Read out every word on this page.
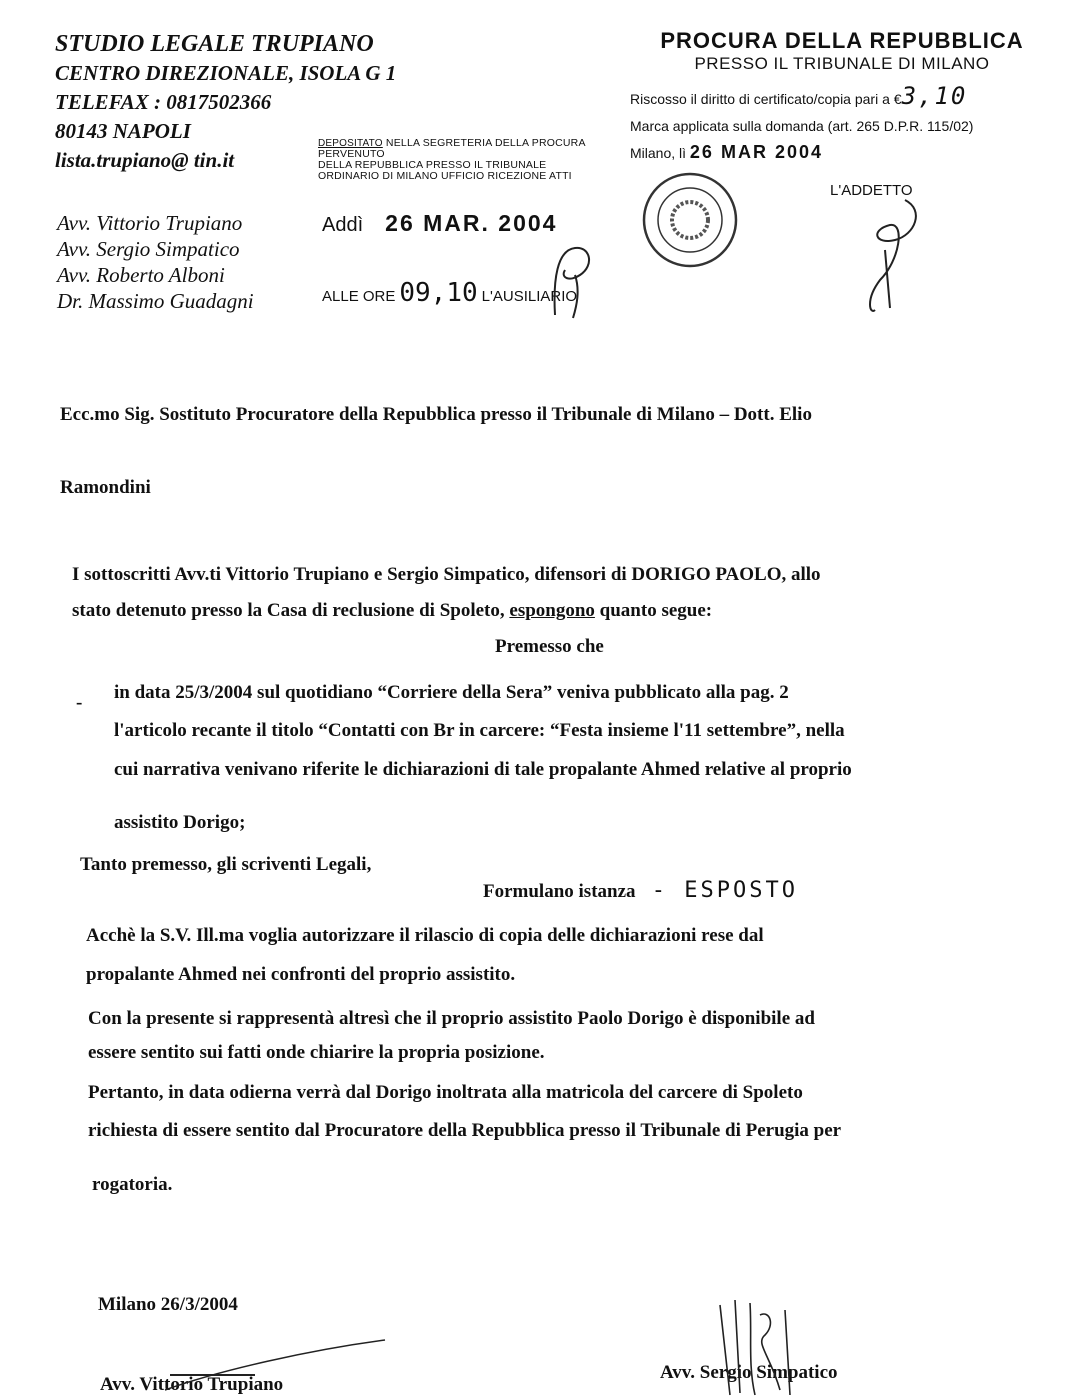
STUDIO LEGALE TRUPIANO
CENTRO DIREZIONALE, ISOLA G 1
TELEFAX : 0817502366
80143 NAPOLI
lista.trupiano@ tin.it
Avv. Vittorio Trupiano
Avv. Sergio Simpatico
Avv. Roberto Alboni
Dr. Massimo Guadagni
DEPOSITATO NELLA SEGRETERIA DELLA PROCURA
PERVENUTO
DELLA REPUBBLICA PRESSO IL TRIBUNALE
ORDINARIO DI MILANO UFFICIO RICEZIONE ATTI
Addì 26 MAR. 2004
ALLE ORE 09,10 L'AUSILIARIO
PROCURA DELLA REPUBBLICA
PRESSO IL TRIBUNALE DI MILANO
Riscosso il diritto di certificato/copia pari a €3,10
Marca applicata sulla domanda (art. 265 D.P.R. 115/02)
Milano, lì 26 MAR 2004
L'ADDETTO
Ecc.mo Sig. Sostituto Procuratore della Repubblica presso il Tribunale di Milano – Dott. Elio
Ramondini
I sottoscritti Avv.ti Vittorio Trupiano e Sergio Simpatico, difensori di DORIGO PAOLO, allo
stato detenuto presso la Casa di reclusione di Spoleto, espongono quanto segue:
Premesso che
- in data 25/3/2004 sul quotidiano “Corriere della Sera” veniva pubblicato alla pag. 2
l'articolo recante il titolo “Contatti con Br in carcere: “Festa insieme l'11 settembre”, nella
cui narrativa venivano riferite le dichiarazioni di tale propalante Ahmed relative al proprio
assistito Dorigo;
Tanto premesso, gli scriventi Legali,
Formulano istanza - ESPOSTO
Acchè la S.V. Ill.ma voglia autorizzare il rilascio di copia delle dichiarazioni rese dal
propalante Ahmed nei confronti del proprio assistito.
Con la presente si rappresentà altresì che il proprio assistito Paolo Dorigo è disponibile ad
essere sentito sui fatti onde chiarire la propria posizione.
Pertanto, in data odierna verrà dal Dorigo inoltrata alla matricola del carcere di Spoleto
richiesta di essere sentito dal Procuratore della Repubblica presso il Tribunale di Perugia per
rogatoria.
Milano 26/3/2004
Avv. Vittorio Trupiano
Avv. Sergio Simpatico
